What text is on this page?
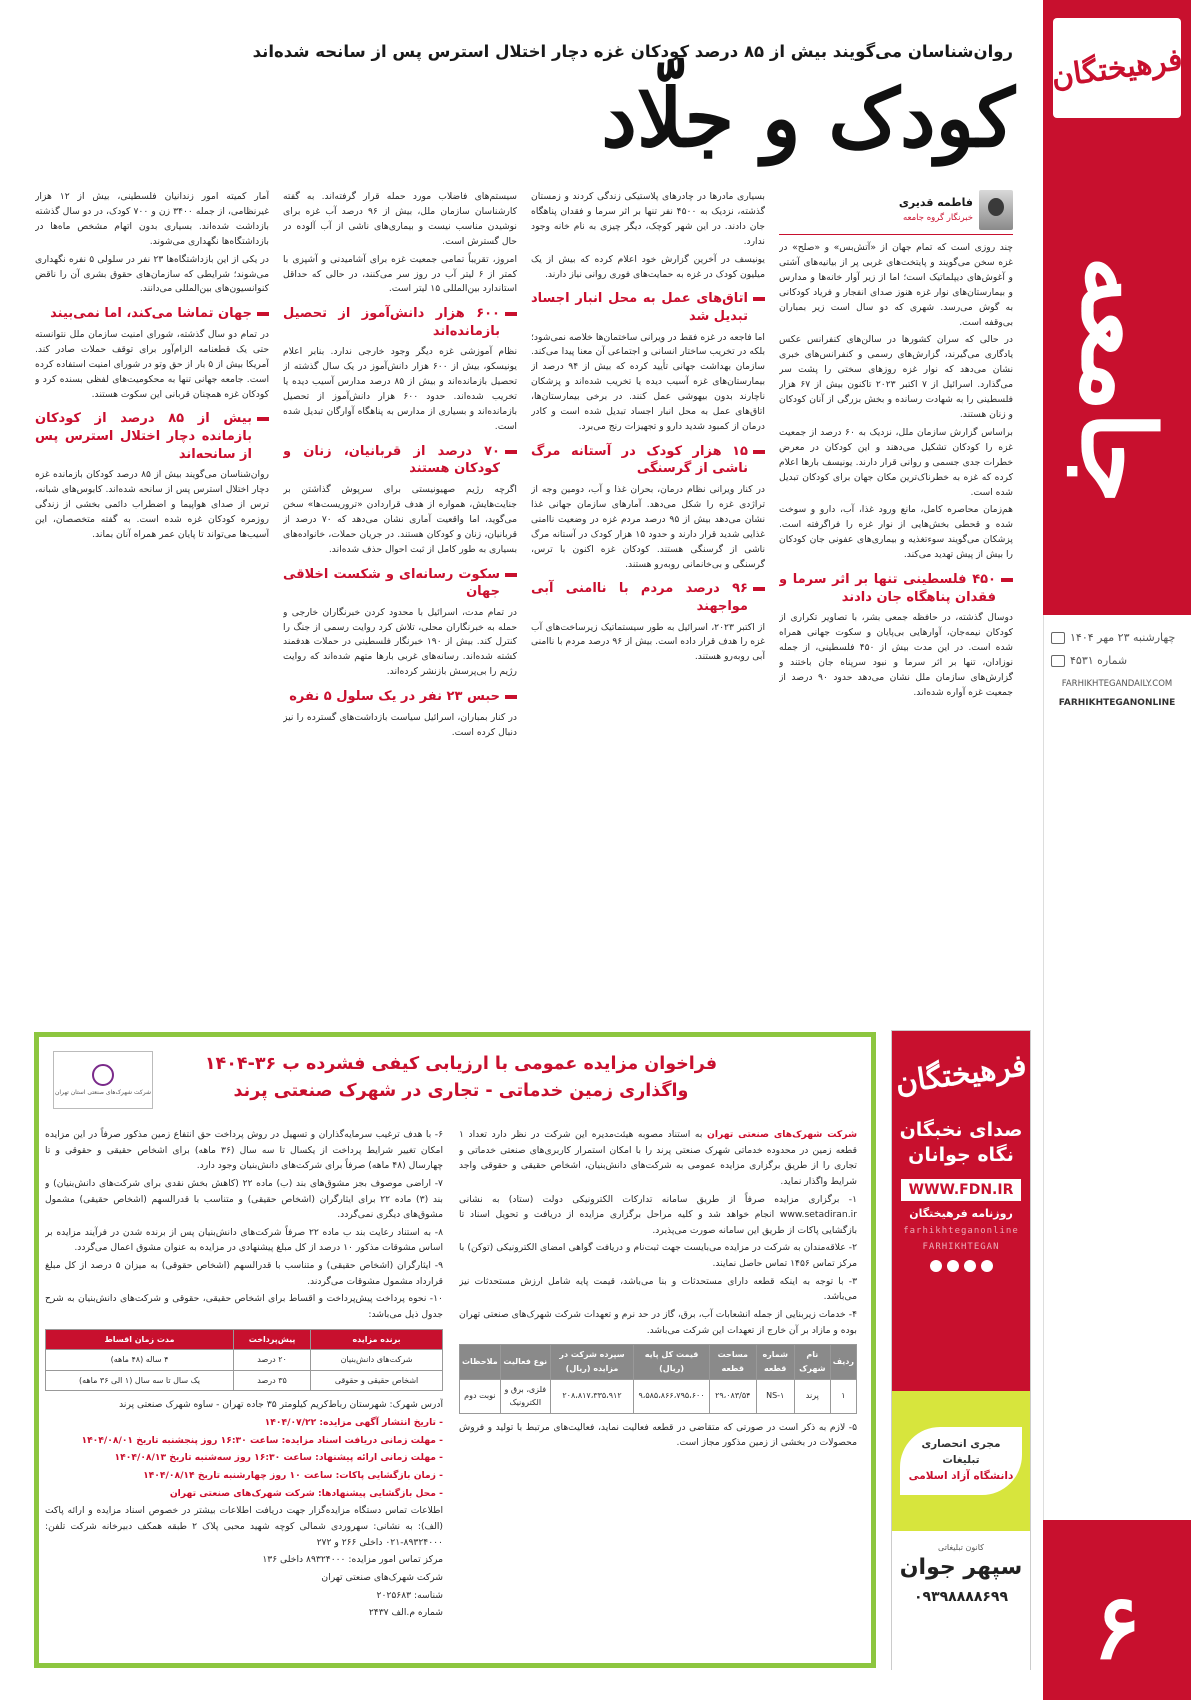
فرهیختگان
جامعه
چهارشنبه ۲۳ مهر ۱۴۰۴
شماره ۴۵۳۱
FARHIKHTEGANDAILY.COM
FARHIKHTEGANONLINE
۶
روان‌شناسان می‌گویند بیش از ۸۵ درصد کودکان غزه دچار اختلال استرس پس از سانحه شده‌اند
کودک و جلّاد
فاطمه قدیری
خبرنگار گروه جامعه

چند روزی است که تمام جهان از «آتش‌بس» و «صلح» در غزه سخن می‌گویند و پایتخت‌های غربی پر از بیانیه‌های آشتی و آغوش‌های دیپلماتیک است؛ اما از زیر آوار خانه‌ها و مدارس و بیمارستان‌های نوار غزه هنوز صدای انفجار و فریاد کودکانی به گوش می‌رسد. شهری که دو سال است زیر بمباران بی‌وقفه است.

در حالی که سران کشورها در سالن‌های کنفرانس عکس یادگاری می‌گیرند، گزارش‌های رسمی و کنفرانس‌های خبری نشان می‌دهد که نوار غزه روزهای سختی را پشت سر می‌گذارد. اسرائیل از ۷ اکتبر ۲۰۲۳ تاکنون بیش از ۶۷ هزار فلسطینی را به شهادت رسانده و بخش بزرگی از آنان کودکان و زنان هستند.

براساس گزارش سازمان ملل، نزدیک به ۶۰ درصد از جمعیت غزه را کودکان تشکیل می‌دهند و این کودکان در معرض خطرات جدی جسمی و روانی قرار دارند. یونیسف بارها اعلام کرده که غزه به خطرناک‌ترین مکان جهان برای کودکان تبدیل شده است.

هم‌زمان محاصره کامل، مانع ورود غذا، آب، دارو و سوخت شده و قحطی بخش‌هایی از نوار غزه را فراگرفته است. پزشکان می‌گویند سوءتغذیه و بیماری‌های عفونی جان کودکان را بیش از پیش تهدید می‌کند.

۴۵۰ فلسطینی تنها بر اثر سرما و فقدان پناهگاه جان دادند

دوسال گذشته، در حافظه جمعی بشر، با تصاویر تکراری از کودکان نیمه‌جان، آوارهایی بی‌پایان و سکوت جهانی همراه شده است. در این مدت بیش از ۴۵۰ فلسطینی، از جمله نوزادان، تنها بر اثر سرما و نبود سرپناه جان باختند و گزارش‌های سازمان ملل نشان می‌دهد حدود ۹۰ درصد از جمعیت غزه آواره شده‌اند.

بسیاری مادرها در چادرهای پلاستیکی زندگی کردند و زمستان گذشته، نزدیک به ۴۵۰۰ نفر تنها بر اثر سرما و فقدان پناهگاه جان دادند. در این شهر کوچک، دیگر چیزی به نام خانه وجود ندارد.

یونیسف در آخرین گزارش خود اعلام کرده که بیش از یک میلیون کودک در غزه به حمایت‌های فوری روانی نیاز دارند.

اتاق‌های عمل به محل انبار اجساد تبدیل شد

اما فاجعه در غزه فقط در ویرانی ساختمان‌ها خلاصه نمی‌شود؛ بلکه در تخریب ساختار انسانی و اجتماعی آن معنا پیدا می‌کند. سازمان بهداشت جهانی تأیید کرده که بیش از ۹۴ درصد از بیمارستان‌های غزه آسیب دیده یا تخریب شده‌اند و پزشکان ناچارند بدون بیهوشی عمل کنند. در برخی بیمارستان‌ها، اتاق‌های عمل به محل انبار اجساد تبدیل شده است و کادر درمان از کمبود شدید دارو و تجهیزات رنج می‌برد.

۱۵ هزار کودک در آستانه مرگ ناشی از گرسنگی

در کنار ویرانی نظام درمان، بحران غذا و آب، دومین وجه از تراژدی غزه را شکل می‌دهد. آمارهای سازمان جهانی غذا نشان می‌دهد بیش از ۹۵ درصد مردم غزه در وضعیت ناامنی غذایی شدید قرار دارند و حدود ۱۵ هزار کودک در آستانه مرگ ناشی از گرسنگی هستند. کودکان غزه اکنون با ترس، گرسنگی و بی‌خانمانی روبه‌رو هستند.

۹۶ درصد مردم با ناامنی آبی مواجهند

از اکتبر ۲۰۲۳، اسرائیل به طور سیستماتیک زیرساخت‌های آب غزه را هدف قرار داده است. بیش از ۹۶ درصد مردم با ناامنی آبی روبه‌رو هستند.

سیستم‌های فاضلاب مورد حمله قرار گرفته‌اند. به گفته کارشناسان سازمان ملل، بیش از ۹۶ درصد آب غزه برای نوشیدن مناسب نیست و بیماری‌های ناشی از آب آلوده در حال گسترش است.

امروز، تقریباً تمامی جمعیت غزه برای آشامیدنی و آشپزی با کمتر از ۶ لیتر آب در روز سر می‌کنند، در حالی که حداقل استاندارد بین‌المللی ۱۵ لیتر است.

۶۰۰ هزار دانش‌آموز از تحصیل بازمانده‌اند

نظام آموزشی غزه دیگر وجود خارجی ندارد. بنابر اعلام یونیسکو، بیش از ۶۰۰ هزار دانش‌آموز در یک سال گذشته از تحصیل بازمانده‌اند و بیش از ۸۵ درصد مدارس آسیب دیده یا تخریب شده‌اند. حدود ۶۰۰ هزار دانش‌آموز از تحصیل بازمانده‌اند و بسیاری از مدارس به پناهگاه آوارگان تبدیل شده است.

۷۰ درصد از قربانیان، زنان و کودکان هستند

اگرچه رژیم صهیونیستی برای سرپوش گذاشتن بر جنایت‌هایش، همواره از هدف قراردادن «تروریست‌ها» سخن می‌گوید، اما واقعیت آماری نشان می‌دهد که ۷۰ درصد از قربانیان، زنان و کودکان هستند. در جریان حملات، خانواده‌های بسیاری به طور کامل از ثبت احوال حذف شده‌اند.

سکوت رسانه‌ای و شکست اخلاقی جهان

در تمام مدت، اسرائیل با محدود کردن خبرنگاران خارجی و حمله به خبرنگاران محلی، تلاش کرد روایت رسمی از جنگ را کنترل کند. بیش از ۱۹۰ خبرنگار فلسطینی در حملات هدفمند کشته شده‌اند. رسانه‌های غربی بارها متهم شده‌اند که روایت رژیم را بی‌پرسش بازنشر کرده‌اند.

حبس ۲۳ نفر در یک سلول ۵ نفره

در کنار بمباران، اسرائیل سیاست بازداشت‌های گسترده را نیز دنبال کرده است.

آمار کمیته امور زندانیان فلسطینی، بیش از ۱۲ هزار غیرنظامی، از جمله ۳۴۰۰ زن و ۷۰۰ کودک، در دو سال گذشته بازداشت شده‌اند. بسیاری بدون اتهام مشخص ماه‌ها در بازداشتگاه‌ها نگهداری می‌شوند.

در یکی از این بازداشتگاه‌ها ۲۳ نفر در سلولی ۵ نفره نگهداری می‌شوند؛ شرایطی که سازمان‌های حقوق بشری آن را ناقض کنوانسیون‌های بین‌المللی می‌دانند.

جهان تماشا می‌کند، اما نمی‌بیند

در تمام دو سال گذشته، شورای امنیت سازمان ملل نتوانسته حتی یک قطعنامه الزام‌آور برای توقف حملات صادر کند. آمریکا بیش از ۵ بار از حق وتو در شورای امنیت استفاده کرده است. جامعه جهانی تنها به محکومیت‌های لفظی بسنده کرد و کودکان غزه همچنان قربانی این سکوت هستند.

بیش از ۸۵ درصد از کودکان بازمانده دچار اختلال استرس پس از سانحه‌اند

روان‌شناسان می‌گویند بیش از ۸۵ درصد کودکان بازمانده غزه دچار اختلال استرس پس از سانحه شده‌اند. کابوس‌های شبانه، ترس از صدای هواپیما و اضطراب دائمی بخشی از زندگی روزمره کودکان غزه شده است. به گفته متخصصان، این آسیب‌ها می‌تواند تا پایان عمر همراه آنان بماند.

فرهیختگان
صدای نخبگان
نگاه جوانان
WWW.FDN.IR
روزنامه فرهیختگان
farhikhteganonline
FARHIKHTEGAN
مجری انحصاری تبلیغات
دانشگاه آزاد اسلامی
کانون تبلیغاتی
سپهر جوان
۰۹۳۹۸۸۸۸۶۹۹
فراخوان مزایده عمومی با ارزیابی کیفی فشرده ب ۳۶-۱۴۰۴
واگذاری زمین خدماتی - تجاری در شهرک صنعتی پرند
شرکت شهرک‌های صنعتی استان تهران

شرکت شهرک‌های صنعتی تهران به استناد مصوبه هیئت‌مدیره این شرکت در نظر دارد تعداد ۱ قطعه زمین در محدوده خدماتی شهرک صنعتی پرند را با امکان استمرار کاربری‌های صنعتی خدماتی و تجاری را از طریق برگزاری مزایده عمومی به شرکت‌های دانش‌بنیان، اشخاص حقیقی و حقوقی واجد شرایط واگذار نماید.

۱- برگزاری مزایده صرفاً از طریق سامانه تدارکات الکترونیکی دولت (ستاد) به نشانی www.setadiran.ir انجام خواهد شد و کلیه مراحل برگزاری مزایده از دریافت و تحویل اسناد تا بازگشایی پاکات از طریق این سامانه صورت می‌پذیرد.

۲- علاقه‌مندان به شرکت در مزایده می‌بایست جهت ثبت‌نام و دریافت گواهی امضای الکترونیکی (توکن) با مرکز تماس ۱۴۵۶ تماس حاصل نمایند.

۳- با توجه به اینکه قطعه دارای مستحدثات و بنا می‌باشد، قیمت پایه شامل ارزش مستحدثات نیز می‌باشد.

۴- خدمات زیربنایی از جمله انشعابات آب، برق، گاز در حد نرم و تعهدات شرکت شهرک‌های صنعتی تهران بوده و مازاد بر آن خارج از تعهدات این شرکت می‌باشد.

ردیف	نام شهرک	شماره قطعه	مساحت قطعه	قیمت کل پایه (ریال)	سپرده شرکت در مزایده (ریال)	نوع فعالیت	ملاحظات
۱	پرند	NS-۱	۲۹،۰۸۳/۵۴	۹،۵۸۵،۸۶۶،۷۹۵،۶۰۰	۲۰۸،۸۱۷،۳۳۵،۹۱۲	فلزی، برق و الکترونیک	نوبت دوم

۵- لازم به ذکر است در صورتی که متقاضی در قطعه فعالیت نماید، فعالیت‌های مرتبط با تولید و فروش محصولات در بخشی از زمین مذکور مجاز است.

۶- با هدف ترغیب سرمایه‌گذاران و تسهیل در روش پرداخت حق انتفاع زمین مذکور صرفاً در این مزایده امکان تغییر شرایط پرداخت از یکسال تا سه سال (۳۶ ماهه) برای اشخاص حقیقی و حقوقی و تا چهارسال (۴۸ ماهه) صرفاً برای شرکت‌های دانش‌بنیان وجود دارد.

۷- اراضی موصوف بجز مشوق‌های بند (ب) ماده ۲۲ (کاهش بخش نقدی برای شرکت‌های دانش‌بنیان) و بند (۳) ماده ۲۲ برای ایثارگران (اشخاص حقیقی) و متناسب با قدرالسهم (اشخاص حقیقی) مشمول مشوق‌های دیگری نمی‌گردد.

۸- به استناد رعایت بند ب ماده ۲۲ صرفاً شرکت‌های دانش‌بنیان پس از برنده شدن در فرآیند مزایده بر اساس مشوقات مذکور ۱۰ درصد از کل مبلغ پیشنهادی در مزایده به عنوان مشوق اعمال می‌گردد.

۹- ایثارگران (اشخاص حقیقی) و متناسب با قدرالسهم (اشخاص حقوقی) به میزان ۵ درصد از کل مبلغ قرارداد مشمول مشوقات می‌گردند.

۱۰- نحوه پرداخت پیش‌پرداخت و اقساط برای اشخاص حقیقی، حقوقی و شرکت‌های دانش‌بنیان به شرح جدول ذیل می‌باشد:

برنده مزایده	پیش‌پرداخت	مدت زمان اقساط
شرکت‌های دانش‌بنیان	۲۰ درصد	۴ ساله (۴۸ ماهه)
اشخاص حقیقی و حقوقی	۳۵ درصد	یک سال تا سه سال (۱ الی ۳۶ ماهه)

آدرس شهرک: شهرستان رباط‌کریم کیلومتر ۳۵ جاده تهران - ساوه شهرک صنعتی پرند

- تاریخ انتشار آگهی مزایده: ۱۴۰۴/۰۷/۲۲

- مهلت زمانی دریافت اسناد مزایده: ساعت ۱۶:۳۰ روز پنجشنبه تاریخ ۱۴۰۴/۰۸/۰۱

- مهلت زمانی ارائه پیشنهاد: ساعت ۱۶:۳۰ روز سه‌شنبه تاریخ ۱۴۰۴/۰۸/۱۳

- زمان بازگشایی پاکات: ساعت ۱۰ روز چهارشنبه تاریخ ۱۴۰۴/۰۸/۱۴

- محل بازگشایی پیشنهادها: شرکت شهرک‌های صنعتی تهران

اطلاعات تماس دستگاه مزایده‌گزار جهت دریافت اطلاعات بیشتر در خصوص اسناد مزایده و ارائه پاکت (الف): به نشانی: سهروردی شمالی کوچه شهید محبی پلاک ۲ طبقه همکف دبیرخانه شرکت تلفن: ۸۹۳۲۴۰۰۰-۰۲۱ داخلی ۲۶۶ و ۲۷۲

مرکز تماس امور مزایده: ۸۹۳۲۴۰۰۰ داخلی ۱۳۶

شرکت شهرک‌های صنعتی تهران

شناسه: ۲۰۲۵۶۸۳

شماره م.الف ۲۴۳۷
